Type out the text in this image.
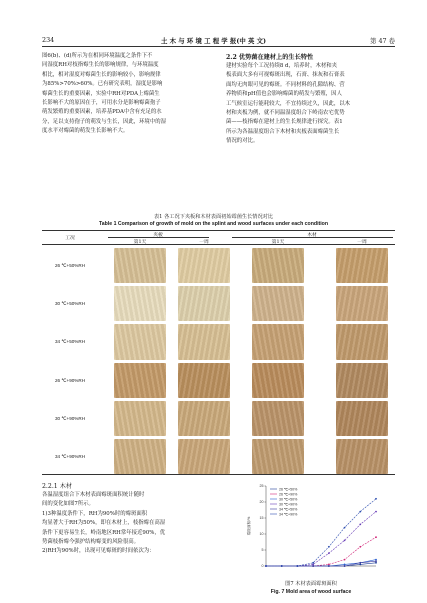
234	土 木 与 环 境 工 程 学 报(中 英 文)	第 47 卷

图6(b)、(d)所示为在相同环境温度之条件下不

同湿度RH对枝指霉生长的影响规律，与环境温度

相比，相对湿度对霉菌生长的影响较小，影响规律

为85%>70%>60%。已有研究表明，湿度是影响

霉菌生长的重要因素，实验中RH对PDA上霉菌生

长影响不大的原因在于，可用水分是影响霉菌孢子

萌发繁殖的重要因素，培养基PDA中含有充足的水

分，足以支持孢子的萌发与生长，因此，环境中的湿

度水平对霉菌的萌发生长影响不大。

2.2 优势菌在建材上的生长特性

建材实验每个工况持续8 d，培养时，木材和夹

板表面大多有可视霉斑出现，石膏、抹灰和石膏表

面均无肉眼可见的霉斑。不同材料的孔隙结构、营

养物质和pH值也会影响霉菌的萌发与繁殖，因人

工气候室运行能耗较大，不宜持续过久，因此，以木

材和夹板为例，就不同温湿度组合下岭南农宅优势

菌——枝指霉在建材上的生长规律进行探究。表1

所示为各温湿度组合下木材和夹板表面霉菌生长

情况的对比。

表1 各工况下夹板和木材表面初始霉菌生长情况对比
Table 1 Comparison of growth of mold on the splint and wood surfaces under each condition
工况
夹板	木材
第1天	一周	第1天	一周
26 ℃+50%RH
30 ℃+50%RH
34 ℃+50%RH
26 ℃+90%RH
30 ℃+90%RH
34 ℃+90%RH
2.2.1 木材

各温湿度组合下木材表面霉斑面积统计随时

间的变化如图7所示。

1)3种温度条件下，RH为90%时的霉斑面积

均显著大于RH为50%，即在木材上，枝指霉在高湿

条件下更容易生长，岭南地区RH常年接近90%，优

势菌枝指霉今强护结构霉变的风险很高。

2)RH为90%时，出现可见霉斑的时间依次为：

0
5
10
15
20
25
霉斑面积/%
26 ℃+50%
26 ℃+90%
30 ℃+50%
30 ℃+90%
34 ℃+50%
34 ℃+90%
图7 木材表面霉斑面积
Fig. 7 Mold area of wood surface
